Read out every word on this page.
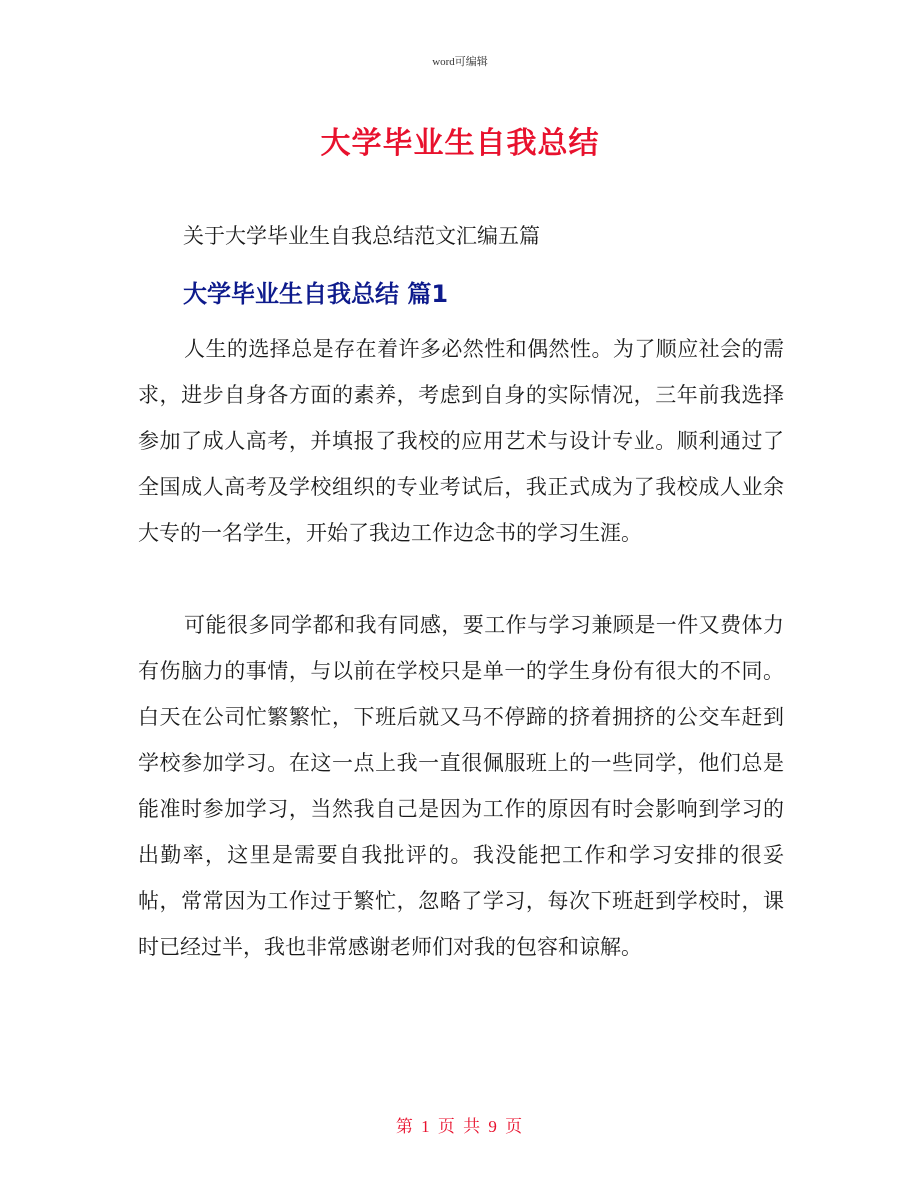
word可编辑
大学毕业生自我总结

关于大学毕业生自我总结范文汇编五篇

大学毕业生自我总结 篇1

人生的选择总是存在着许多必然性和偶然性。为了顺应社会的需求，进步自身各方面的素养，考虑到自身的实际情况，三年前我选择参加了成人高考，并填报了我校的应用艺术与设计专业。顺利通过了全国成人高考及学校组织的专业考试后，我正式成为了我校成人业余大专的一名学生，开始了我边工作边念书的学习生涯。

可能很多同学都和我有同感，要工作与学习兼顾是一件又费体力有伤脑力的事情，与以前在学校只是单一的学生身份有很大的不同。白天在公司忙繁繁忙，下班后就又马不停蹄的挤着拥挤的公交车赶到学校参加学习。在这一点上我一直很佩服班上的一些同学，他们总是能准时参加学习，当然我自己是因为工作的原因有时会影响到学习的出勤率，这里是需要自我批评的。我没能把工作和学习安排的很妥帖，常常因为工作过于繁忙，忽略了学习，每次下班赶到学校时，课时已经过半，我也非常感谢老师们对我的包容和谅解。

第 1 页 共 9 页
